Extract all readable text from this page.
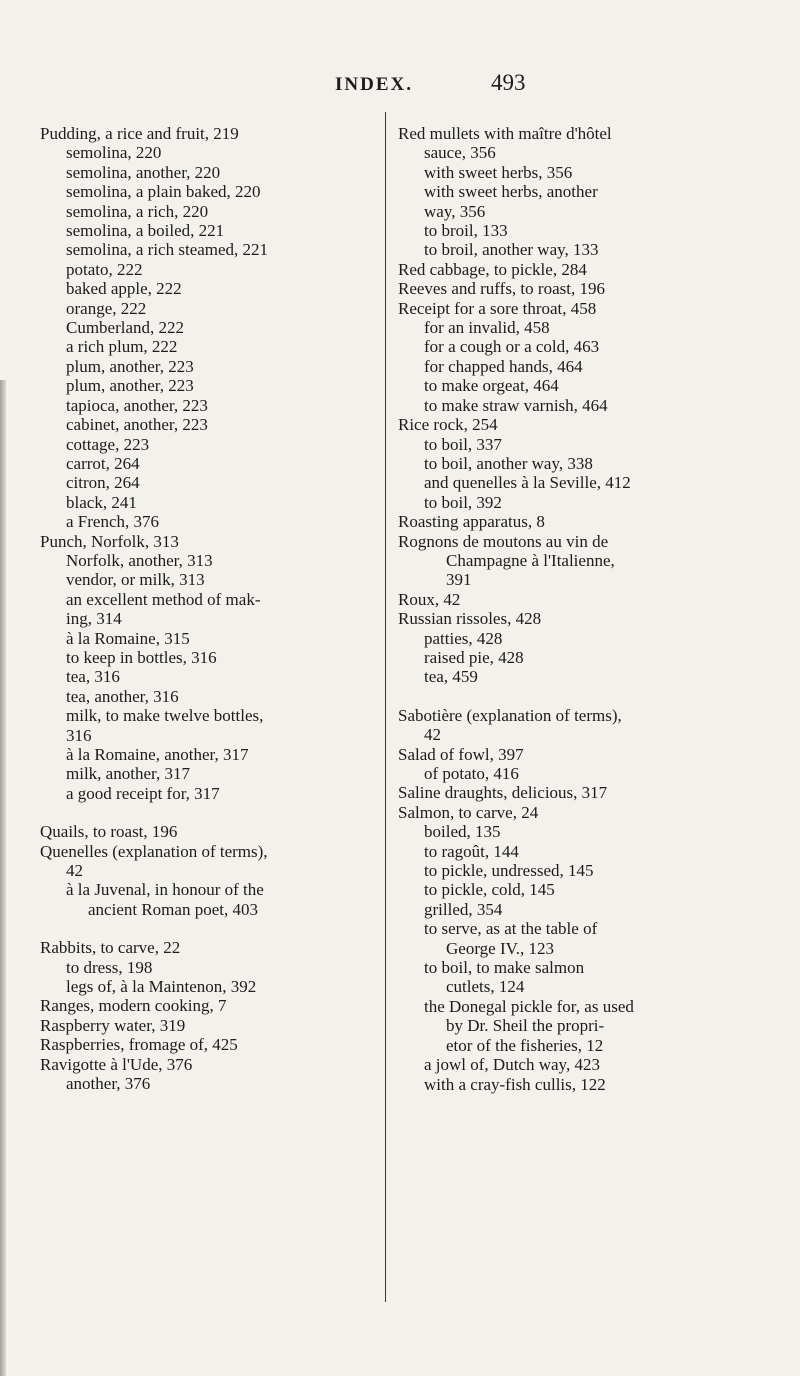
INDEX.	493
Pudding, a rice and fruit, 219
semolina, 220
semolina, another, 220
semolina, a plain baked, 220
semolina, a rich, 220
semolina, a boiled, 221
semolina, a rich steamed, 221
potato, 222
baked apple, 222
orange, 222
Cumberland, 222
a rich plum, 222
plum, another, 223
plum, another, 223
tapioca, another, 223
cabinet, another, 223
cottage, 223
carrot, 264
citron, 264
black, 241
a French, 376
Punch, Norfolk, 313
Norfolk, another, 313
vendor, or milk, 313
an excellent method of mak-
ing, 314
à la Romaine, 315
to keep in bottles, 316
tea, 316
tea, another, 316
milk, to make twelve bottles,
316
à la Romaine, another, 317
milk, another, 317
a good receipt for, 317
Quails, to roast, 196
Quenelles (explanation of terms),
42
à la Juvenal, in honour of the
ancient Roman poet, 403
Rabbits, to carve, 22
to dress, 198
legs of, à la Maintenon, 392
Ranges, modern cooking, 7
Raspberry water, 319
Raspberries, fromage of, 425
Ravigotte à l'Ude, 376
another, 376
Red mullets with maître d'hôtel
sauce, 356
with sweet herbs, 356
with sweet herbs, another
way, 356
to broil, 133
to broil, another way, 133
Red cabbage, to pickle, 284
Reeves and ruffs, to roast, 196
Receipt for a sore throat, 458
for an invalid, 458
for a cough or a cold, 463
for chapped hands, 464
to make orgeat, 464
to make straw varnish, 464
Rice rock, 254
to boil, 337
to boil, another way, 338
and quenelles à la Seville, 412
to boil, 392
Roasting apparatus, 8
Rognons de moutons au vin de
Champagne à l'Italienne,
391
Roux, 42
Russian rissoles, 428
patties, 428
raised pie, 428
tea, 459
Sabotière (explanation of terms),
42
Salad of fowl, 397
of potato, 416
Saline draughts, delicious, 317
Salmon, to carve, 24
boiled, 135
to ragoût, 144
to pickle, undressed, 145
to pickle, cold, 145
grilled, 354
to serve, as at the table of
George IV., 123
to boil, to make salmon
cutlets, 124
the Donegal pickle for, as used
by Dr. Sheil the propri-
etor of the fisheries, 12
a jowl of, Dutch way, 423
with a cray-fish cullis, 122
